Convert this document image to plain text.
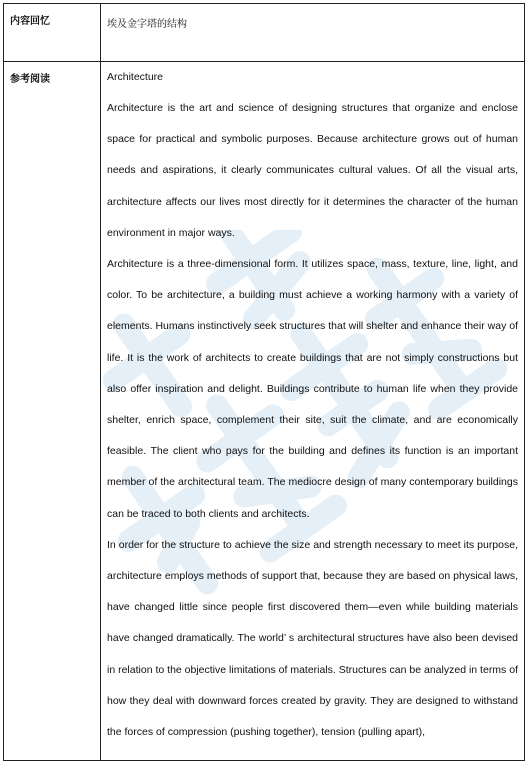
内容回忆	埃及金字塔的结构
参考阅读	Architecture

Architecture is the art and science of designing structures that organize and enclose space for practical and symbolic purposes. Because architecture grows out of human needs and aspirations, it clearly communicates cultural values. Of all the visual arts, architecture affects our lives most directly for it determines the character of the human environment in major ways.

Architecture is a three-dimensional form. It utilizes space, mass, texture, line, light, and color. To be architecture, a building must achieve a working harmony with a variety of elements. Humans instinctively seek structures that will shelter and enhance their way of life. It is the work of architects to create buildings that are not simply constructions but also offer inspiration and delight. Buildings contribute to human life when they provide shelter, enrich space, complement their site, suit the climate, and are economically feasible. The client who pays for the building and defines its function is an important member of the architectural team. The mediocre design of many contemporary buildings can be traced to both clients and architects.

In order for the structure to achieve the size and strength necessary to meet its purpose, architecture employs methods of support that, because they are based on physical laws, have changed little since people first discovered them—even while building materials have changed dramatically. The world’ s architectural structures have also been devised in relation to the objective limitations of materials. Structures can be analyzed in terms of how they deal with downward forces created by gravity. They are designed to withstand the forces of compression (pushing together), tension (pulling apart),
